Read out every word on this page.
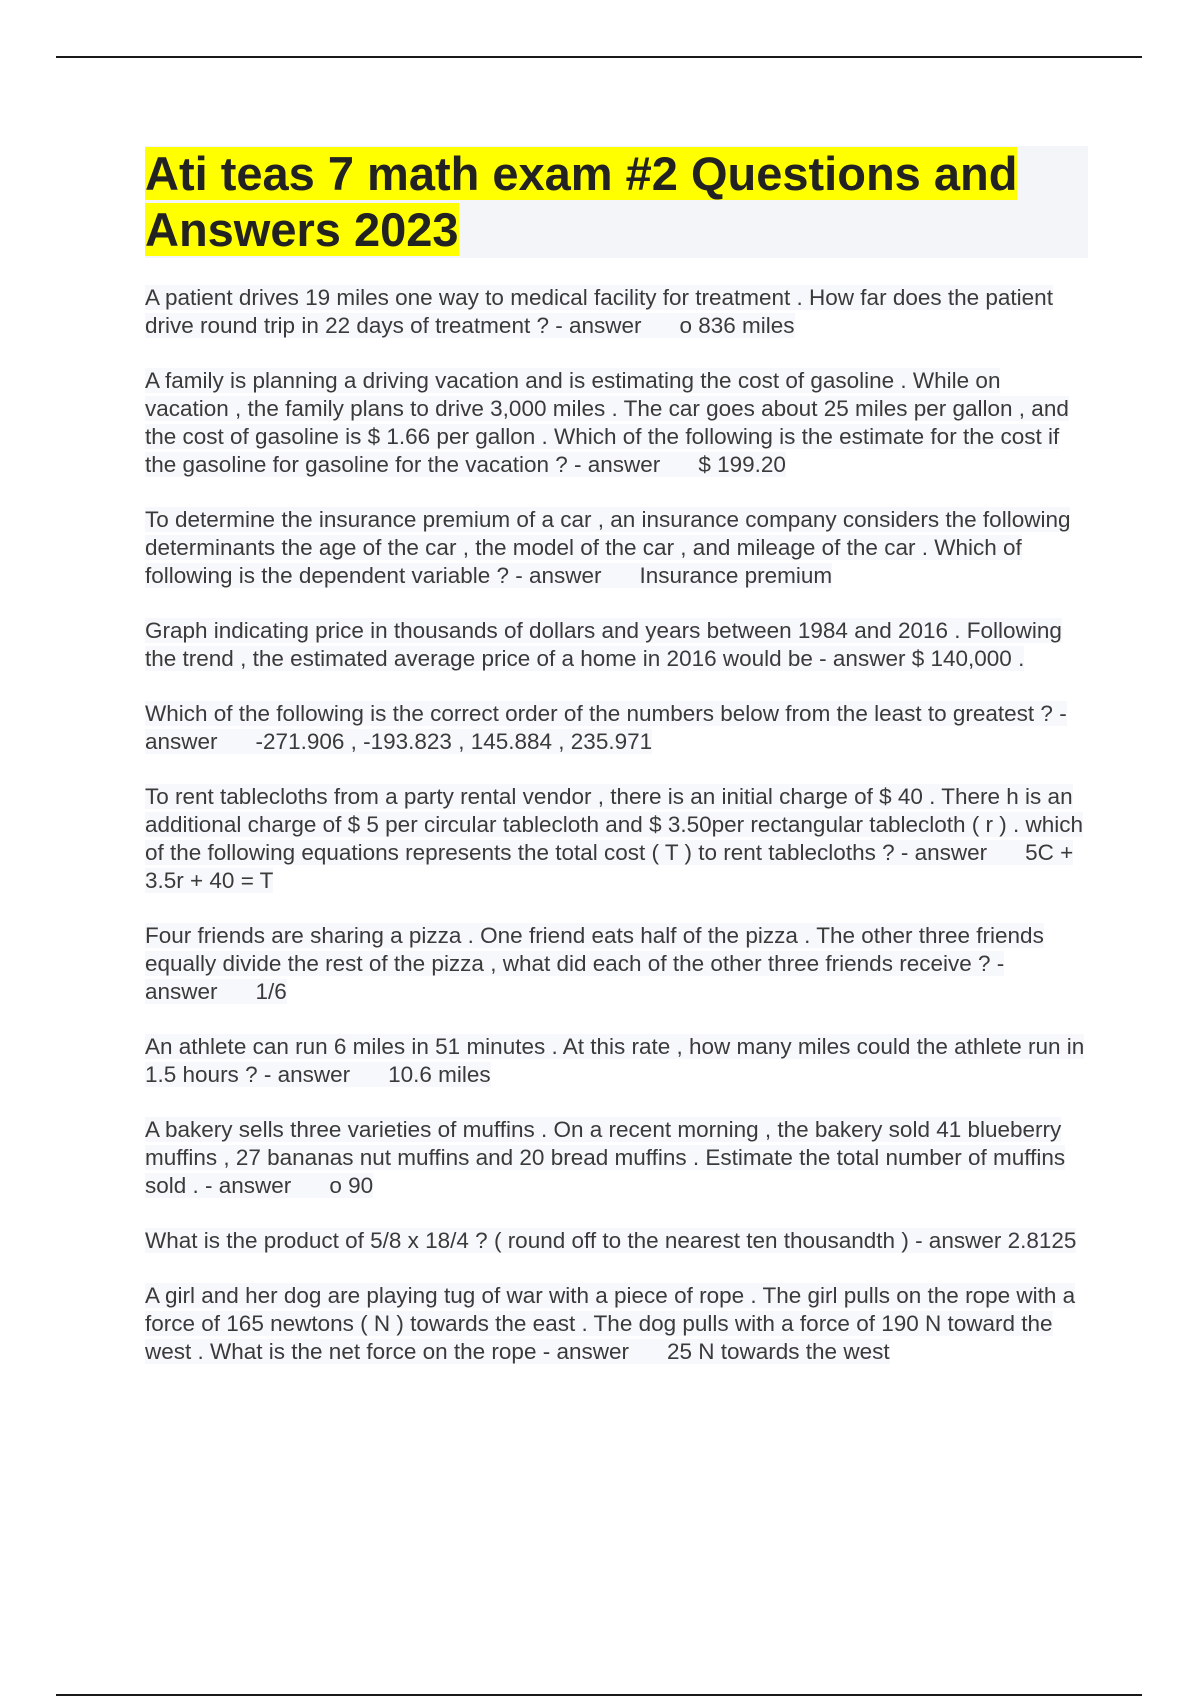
Ati teas 7 math exam #2 Questions and Answers 2023
A patient drives 19 miles one way to medical facility for treatment . How far does the patient drive round trip in 22 days of treatment ? - answer o 836 miles
A family is planning a driving vacation and is estimating the cost of gasoline . While on vacation , the family plans to drive 3,000 miles . The car goes about 25 miles per gallon , and the cost of gasoline is $ 1.66 per gallon . Which of the following is the estimate for the cost if the gasoline for gasoline for the vacation ? - answer $ 199.20
To determine the insurance premium of a car , an insurance company considers the following determinants the age of the car , the model of the car , and mileage of the car . Which of following is the dependent variable ? - answer Insurance premium
Graph indicating price in thousands of dollars and years between 1984 and 2016 . Following the trend , the estimated average price of a home in 2016 would be - answer $ 140,000 .
Which of the following is the correct order of the numbers below from the least to greatest ? - answer -271.906 , -193.823 , 145.884 , 235.971
To rent tablecloths from a party rental vendor , there is an initial charge of $ 40 . There h is an additional charge of $ 5 per circular tablecloth and $ 3.50per rectangular tablecloth ( r ) . which of the following equations represents the total cost ( T ) to rent tablecloths ? - answer 5C + 3.5r + 40 = T
Four friends are sharing a pizza . One friend eats half of the pizza . The other three friends equally divide the rest of the pizza , what did each of the other three friends receive ? - answer 1/6
An athlete can run 6 miles in 51 minutes . At this rate , how many miles could the athlete run in 1.5 hours ? - answer 10.6 miles
A bakery sells three varieties of muffins . On a recent morning , the bakery sold 41 blueberry muffins , 27 bananas nut muffins and 20 bread muffins . Estimate the total number of muffins sold . - answer o 90
What is the product of 5/8 x 18/4 ? ( round off to the nearest ten thousandth ) - answer 2.8125
A girl and her dog are playing tug of war with a piece of rope . The girl pulls on the rope with a force of 165 newtons ( N ) towards the east . The dog pulls with a force of 190 N toward the west . What is the net force on the rope - answer 25 N towards the west
